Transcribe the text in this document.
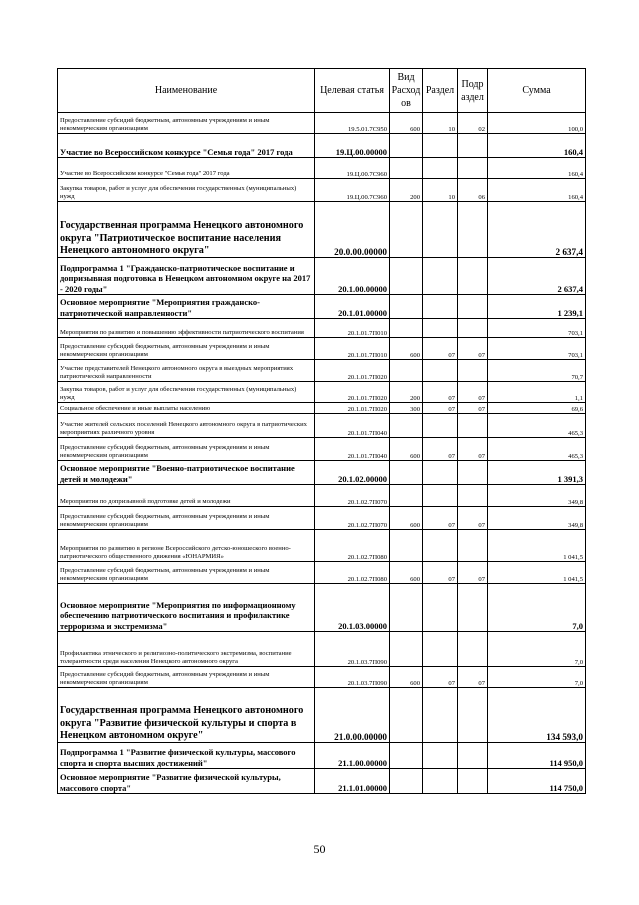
Наименование	Целевая статья	Вид Расход ов	Раздел	Подр аздел	Сумма
Предоставление субсидий бюджетным, автономным учреждениям и иным некоммерческим организациям	19.5.01.7С950	600	10	02	100,0
Участие во Всероссийском конкурсе "Семья года" 2017 года	19.Ц.00.00000				160,4
Участие во Всероссийском конкурсе "Семья года" 2017 года	19.Ц.00.7С960				160,4
Закупка товаров, работ и услуг для обеспечения государственных (муниципальных) нужд	19.Ц.00.7С960	200	10	06	160,4
Государственная программа Ненецкого автономного округа "Патриотическое воспитание населения Ненецкого автономного округа"	20.0.00.00000				2 637,4
Подпрограмма 1 "Гражданско-патриотическое воспитание и допризывная подготовка в Ненецком автономном округе на 2017 - 2020 годы"	20.1.00.00000				2 637,4
Основное мероприятие "Мероприятия гражданско-патриотической направленности"	20.1.01.00000				1 239,1
Мероприятия по развитию и повышению эффективности патриотического воспитания	20.1.01.7П010				703,1
Предоставление субсидий бюджетным, автономным учреждениям и иным некоммерческим организациям	20.1.01.7П010	600	07	07	703,1
Участие представителей Ненецкого автономного округа в выездных мероприятиях патриотической направленности	20.1.01.7П020				70,7
Закупка товаров, работ и услуг для обеспечения государственных (муниципальных) нужд	20.1.01.7П020	200	07	07	1,1
Социальное обеспечение и иные выплаты населению	20.1.01.7П020	300	07	07	69,6
Участие жителей сельских поселений Ненецкого автономного округа в патриотических мероприятиях различного уровня	20.1.01.7П040				465,3
Предоставление субсидий бюджетным, автономным учреждениям и иным некоммерческим организациям	20.1.01.7П040	600	07	07	465,3
Основное мероприятие "Военно-патриотическое воспитание детей и молодежи"	20.1.02.00000				1 391,3
Мероприятия по допризывной подготовке детей и молодежи	20.1.02.7П070				349,8
Предоставление субсидий бюджетным, автономным учреждениям и иным некоммерческим организациям	20.1.02.7П070	600	07	07	349,8
Мероприятия по развитию в регионе Всероссийского детско-юношеского военно-патриотического общественного движения «ЮНАРМИЯ»	20.1.02.7П080				1 041,5
Предоставление субсидий бюджетным, автономным учреждениям и иным некоммерческим организациям	20.1.02.7П080	600	07	07	1 041,5
Основное мероприятие "Мероприятия по информационному обеспечению патриотического воспитания и профилактике терроризма и экстремизма"	20.1.03.00000				7,0
Профилактика этнического и религиозно-политического экстремизма, воспитание толерантности среди населения Ненецкого автономного округа	20.1.03.7П090				7,0
Предоставление субсидий бюджетным, автономным учреждениям и иным некоммерческим организациям	20.1.03.7П090	600	07	07	7,0
Государственная программа Ненецкого автономного округа "Развитие физической культуры и спорта в Ненецком автономном округе"	21.0.00.00000				134 593,0
Подпрограмма 1 "Развитие физической культуры, массового спорта и спорта высших достижений"	21.1.00.00000				114 950,0
Основное мероприятие "Развитие физической культуры, массового спорта"	21.1.01.00000				114 750,0
50
